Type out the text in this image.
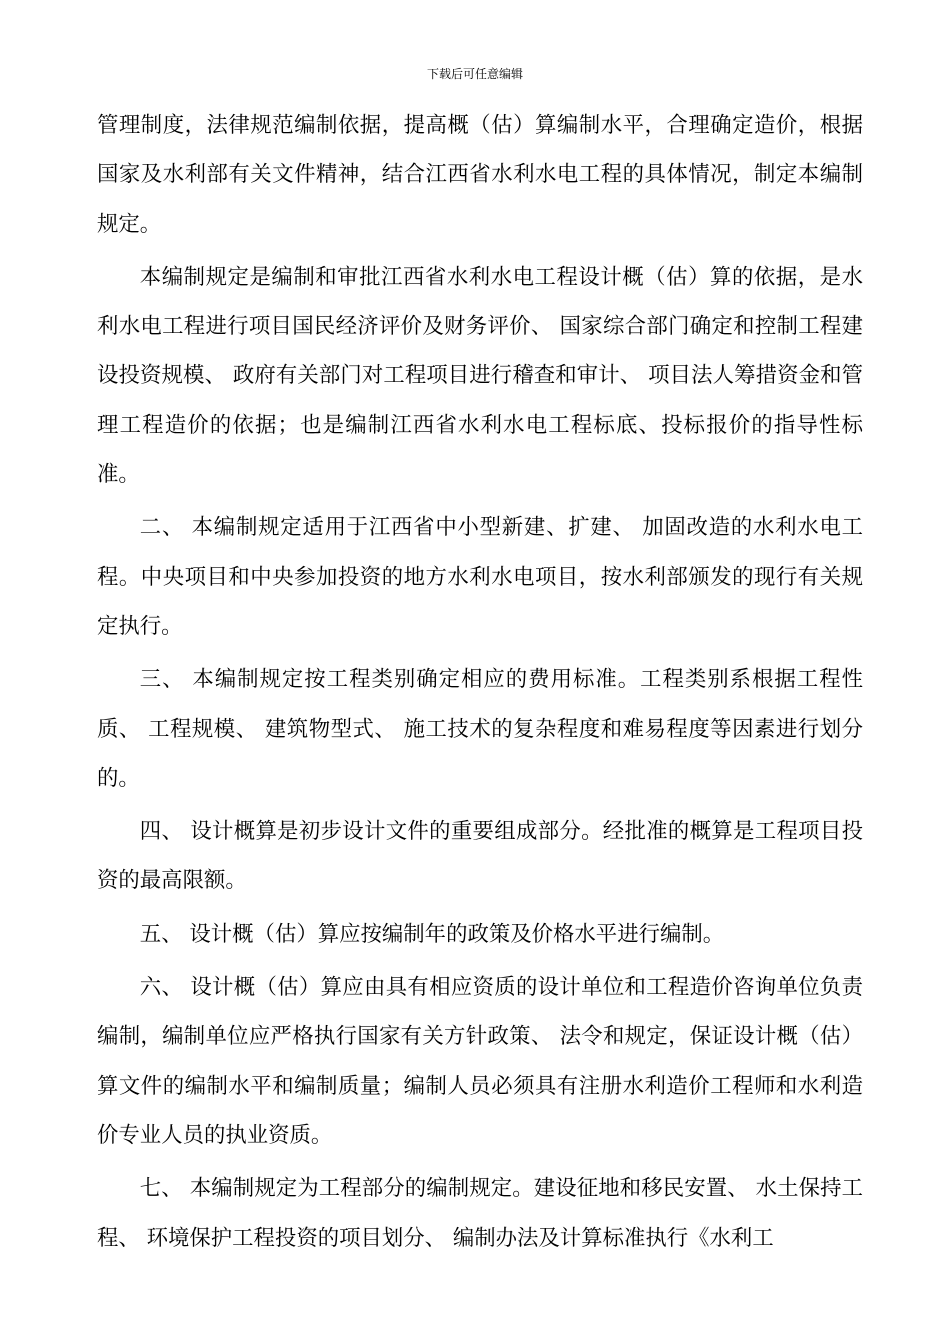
下载后可任意编辑

管理制度，法律规范编制依据，提高概（估）算编制水平，合理确定造价，根据国家及水利部有关文件精神，结合江西省水利水电工程的具体情况，制定本编制规定。

本编制规定是编制和审批江西省水利水电工程设计概（估）算的依据，是水利水电工程进行项目国民经济评价及财务评价、 国家综合部门确定和控制工程建设投资规模、 政府有关部门对工程项目进行稽查和审计、 项目法人筹措资金和管理工程造价的依据；也是编制江西省水利水电工程标底、投标报价的指导性标准。

二、 本编制规定适用于江西省中小型新建、扩建、 加固改造的水利水电工程。中央项目和中央参加投资的地方水利水电项目，按水利部颁发的现行有关规定执行。

三、 本编制规定按工程类别确定相应的费用标准。工程类别系根据工程性质、 工程规模、 建筑物型式、 施工技术的复杂程度和难易程度等因素进行划分的。

四、 设计概算是初步设计文件的重要组成部分。经批准的概算是工程项目投资的最高限额。

五、 设计概（估）算应按编制年的政策及价格水平进行编制。

六、 设计概（估）算应由具有相应资质的设计单位和工程造价咨询单位负责编制，编制单位应严格执行国家有关方针政策、 法令和规定，保证设计概（估）算文件的编制水平和编制质量；编制人员必须具有注册水利造价工程师和水利造价专业人员的执业资质。

七、 本编制规定为工程部分的编制规定。建设征地和移民安置、 水土保持工程、 环境保护工程投资的项目划分、 编制办法及计算标准执行《水利工
